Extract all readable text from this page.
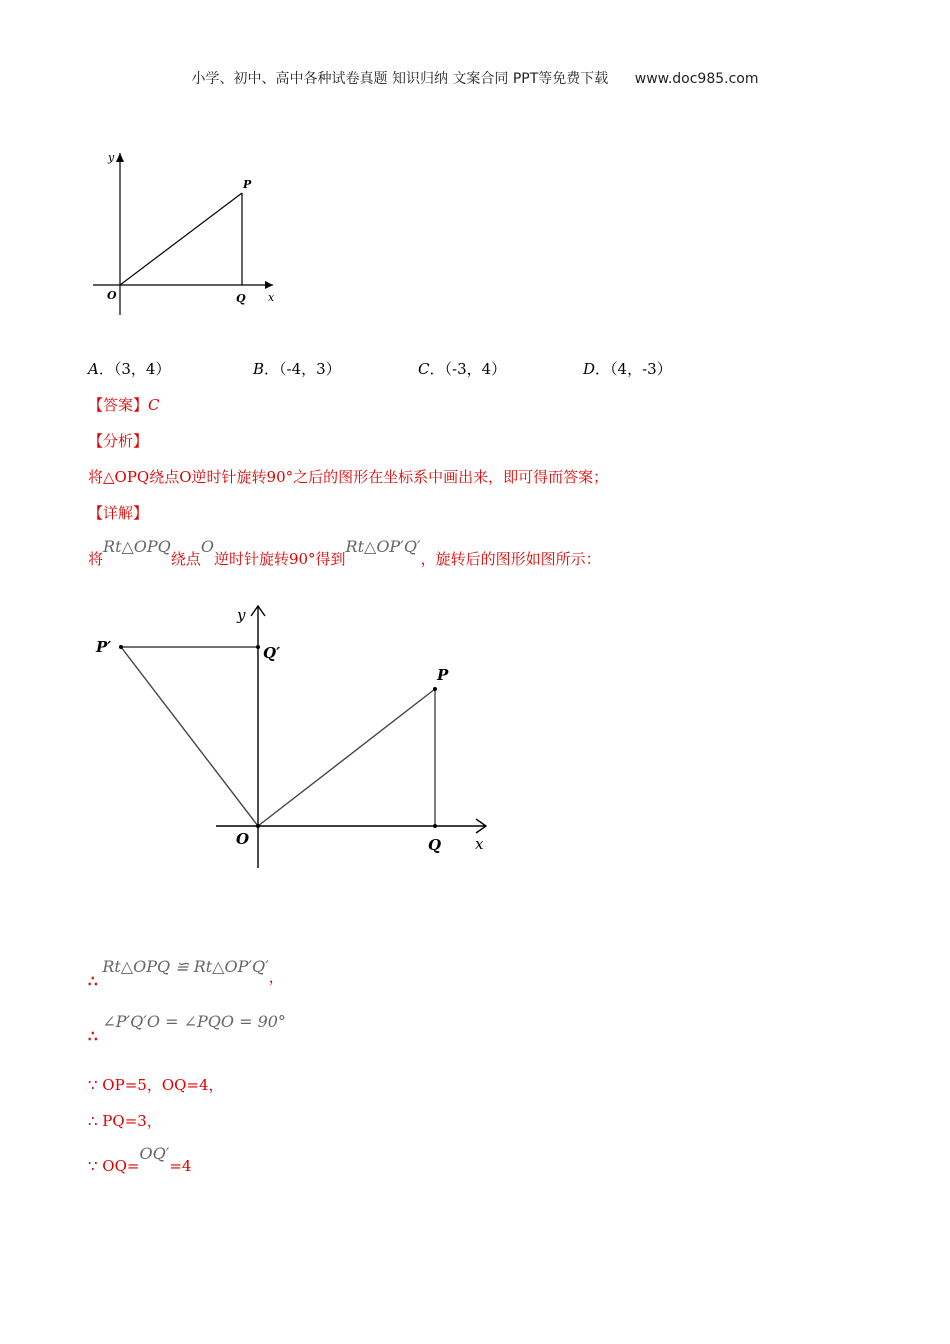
小学、初中、高中各种试卷真题 知识归纳 文案合同 PPT等免费下载 www.doc985.com
y
x
O
P
Q
A．（3，4）	B．（-4，3）	C．（-3，4）	D．（4，-3）
【答案】C
【分析】
将△OPQ绕点O逆时针旋转90°之后的图形在坐标系中画出来，即可得而答案；
【详解】
将Rt△OPQ绕点O逆时针旋转90°得到Rt△OP′Q′，旋转后的图形如图所示：
y
x
O
P
Q
P′	Q′
∴ Rt△OPQ ≌ Rt△OP′Q′，
∴ ∠P′Q′O = ∠PQO = 90°
∵ OP=5，OQ=4，
∴ PQ=3，
∵ OQ=OQ′=4
